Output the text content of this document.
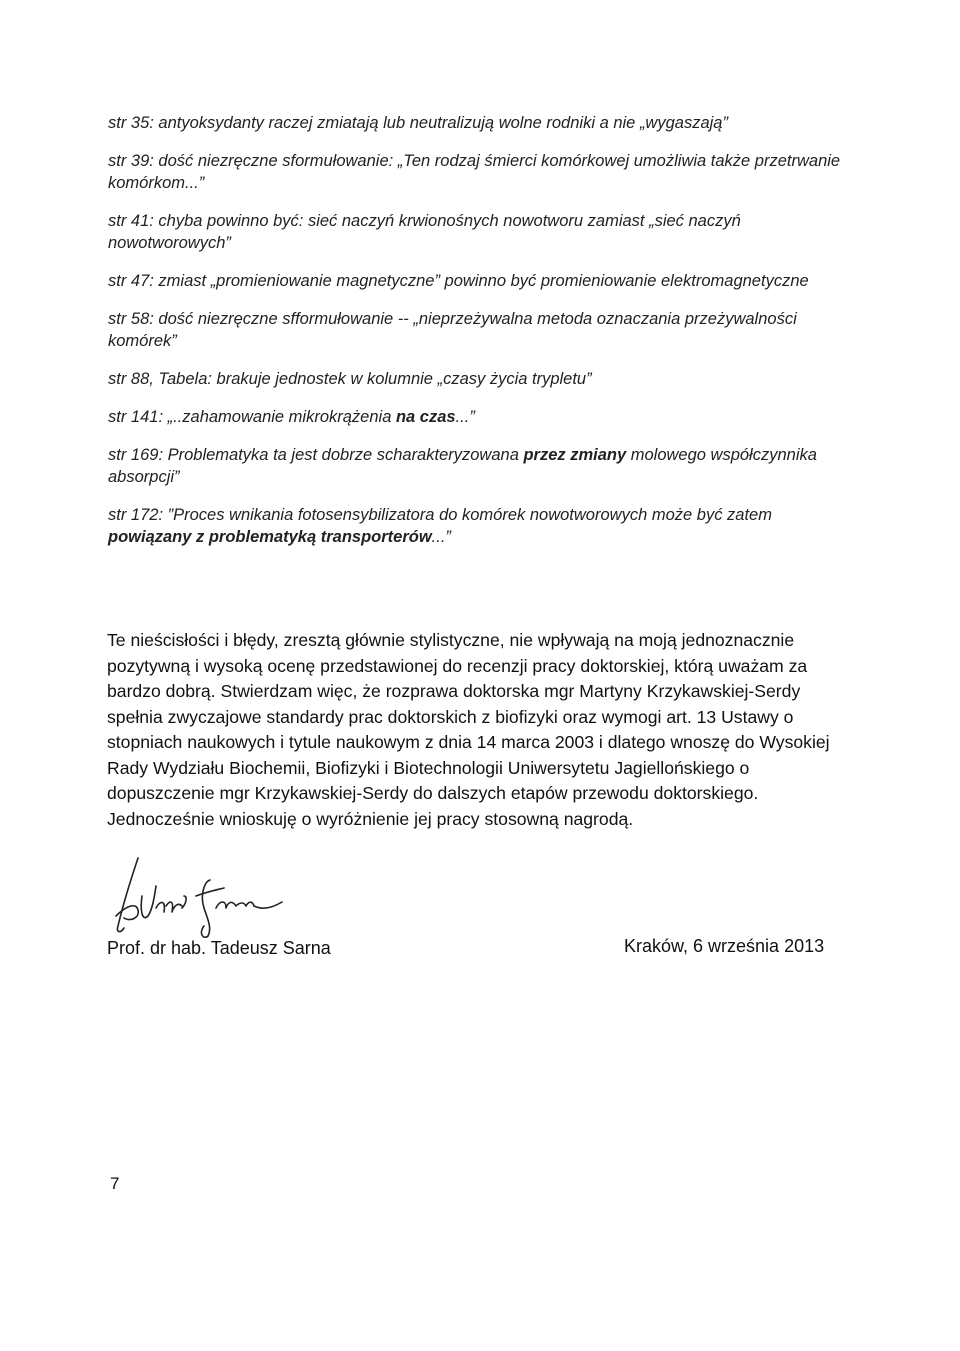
str 35: antyoksydanty raczej zmiatają lub neutralizują wolne rodniki a nie „wygaszają”

str 39: dość niezręczne sformułowanie: „Ten rodzaj śmierci komórkowej umożliwia także przetrwanie komórkom...”

str 41: chyba powinno być: sieć naczyń krwionośnych nowotworu zamiast „sieć naczyń nowotworowych”

str 47: zmiast „promieniowanie magnetyczne” powinno być promieniowanie elektromagnetyczne

str 58: dość niezręczne sfformułowanie -- „nieprzeżywalna metoda oznaczania przeżywalności komórek”

str 88, Tabela: brakuje jednostek w kolumnie „czasy życia trypletu”

str 141: „..zahamowanie mikrokrążenia na czas...”

str 169: Problematyka ta jest dobrze scharakteryzowana przez zmiany molowego współczynnika absorpcji”

str 172: ”Proces wnikania fotosensybilizatora do komórek nowotworowych może być zatem powiązany z problematyką transporterów...”

Te nieścisłości i błędy, zresztą głównie stylistyczne, nie wpływają na moją jednoznacznie pozytywną i wysoką ocenę przedstawionej do recenzji pracy doktorskiej, którą uważam za bardzo dobrą. Stwierdzam więc, że rozprawa doktorska mgr Martyny Krzykawskiej-Serdy spełnia zwyczajowe standardy prac doktorskich z biofizyki oraz wymogi art. 13 Ustawy o stopniach naukowych i tytule naukowym z dnia 14 marca 2003 i dlatego wnoszę do Wysokiej Rady Wydziału Biochemii, Biofizyki i Biotechnologii Uniwersytetu Jagiellońskiego o dopuszczenie mgr Krzykawskiej-Serdy do dalszych etapów przewodu doktorskiego. Jednocześnie wnioskuję o wyróżnienie jej pracy stosowną nagrodą.

Prof. dr hab. Tadeusz Sarna	Kraków, 6 września 2013
7
